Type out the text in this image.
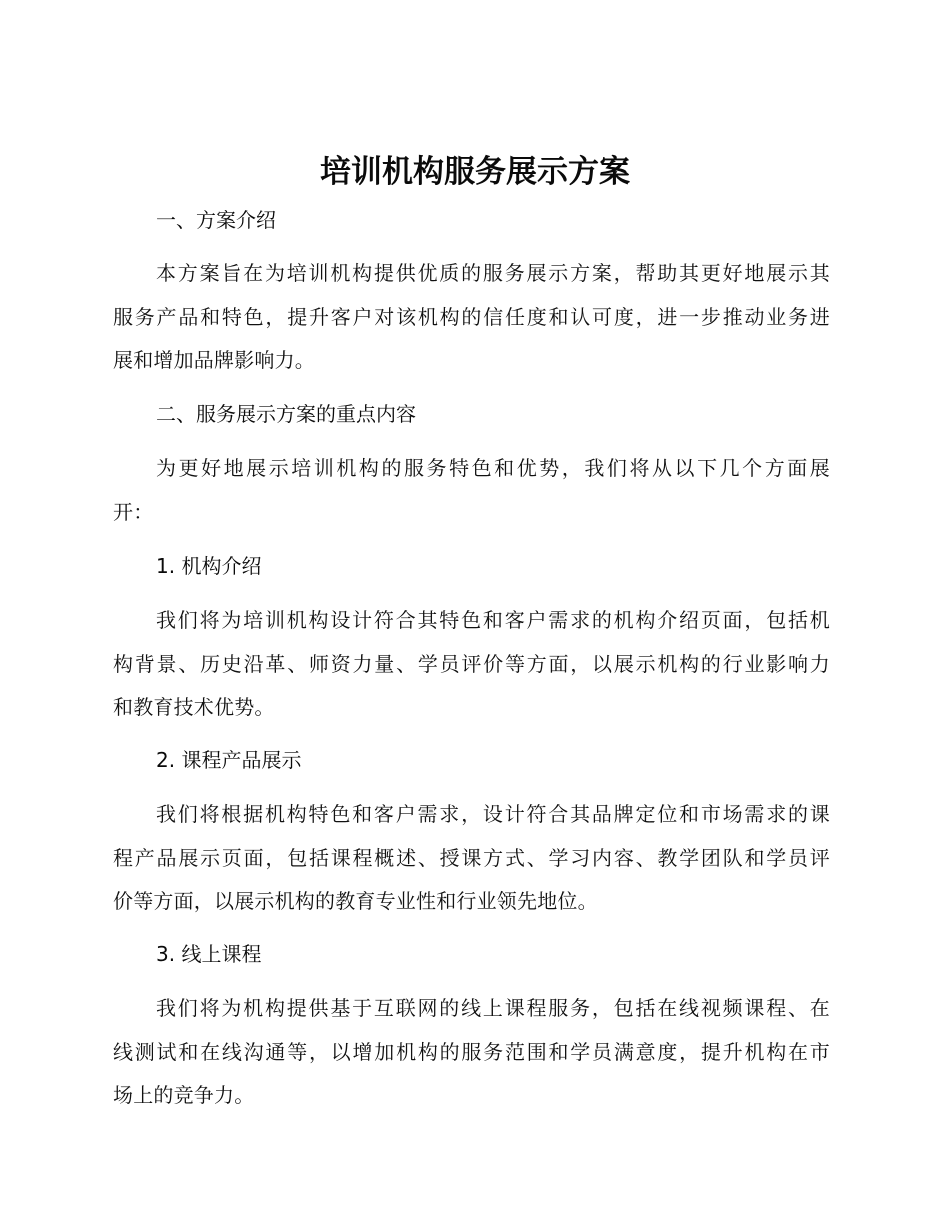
培训机构服务展示方案
一、方案介绍

本方案旨在为培训机构提供优质的服务展示方案，帮助其更好地展示其
服务产品和特色，提升客户对该机构的信任度和认可度，进一步推动业务进
展和增加品牌影响力。

二、服务展示方案的重点内容

为更好地展示培训机构的服务特色和优势，我们将从以下几个方面展
开：

1. 机构介绍

我们将为培训机构设计符合其特色和客户需求的机构介绍页面，包括机
构背景、历史沿革、师资力量、学员评价等方面，以展示机构的行业影响力
和教育技术优势。

2. 课程产品展示

我们将根据机构特色和客户需求，设计符合其品牌定位和市场需求的课
程产品展示页面，包括课程概述、授课方式、学习内容、教学团队和学员评
价等方面，以展示机构的教育专业性和行业领先地位。

3. 线上课程

我们将为机构提供基于互联网的线上课程服务，包括在线视频课程、在
线测试和在线沟通等，以增加机构的服务范围和学员满意度，提升机构在市
场上的竞争力。
